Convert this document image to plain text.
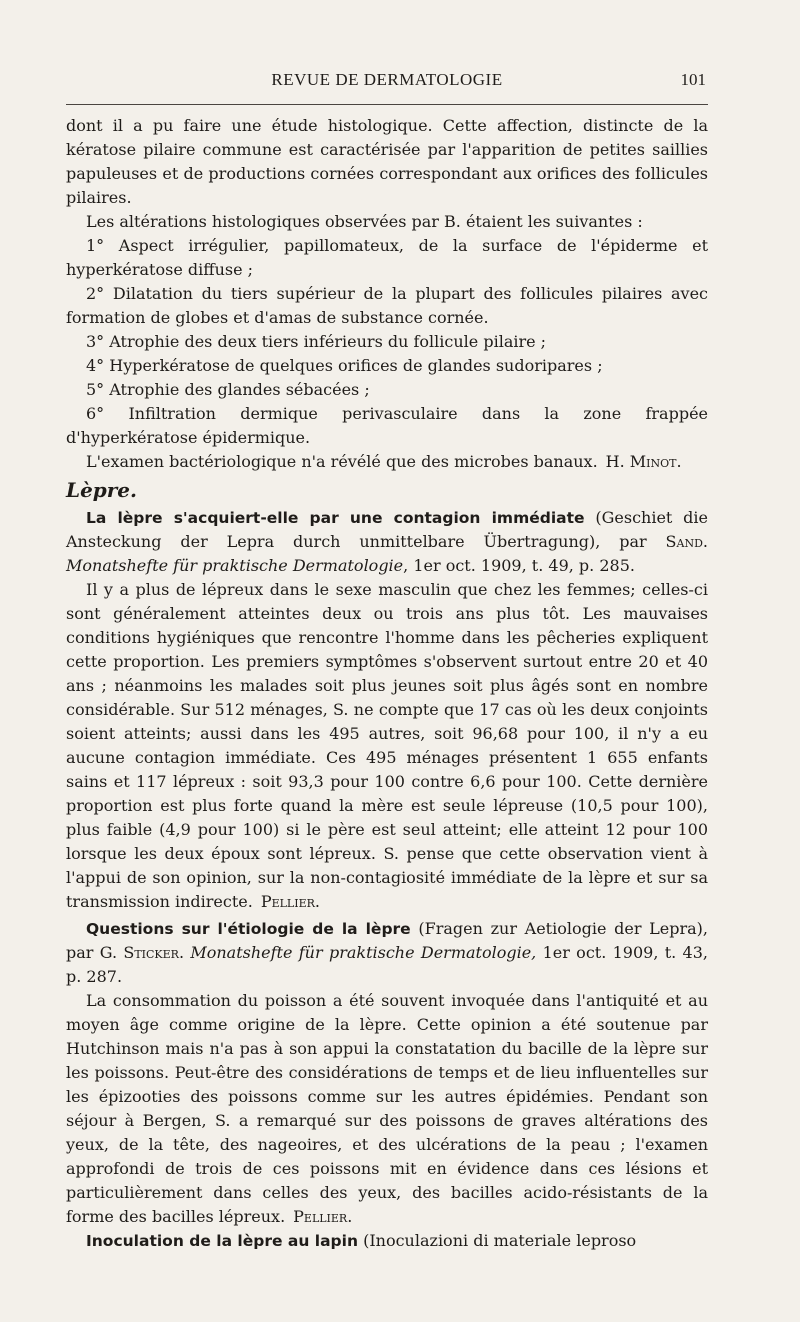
REVUE DE DERMATOLOGIE	101

dont il a pu faire une étude histologique. Cette affection, distincte de la kératose pilaire commune est caractérisée par l'apparition de petites saillies papuleuses et de productions cornées correspondant aux orifices des follicules pilaires.

Les altérations histologiques observées par B. étaient les suivantes :

1° Aspect irrégulier, papillomateux, de la surface de l'épiderme et hyperkératose diffuse ;

2° Dilatation du tiers supérieur de la plupart des follicules pilaires avec formation de globes et d'amas de substance cornée.

3° Atrophie des deux tiers inférieurs du follicule pilaire ;

4° Hyperkératose de quelques orifices de glandes sudoripares ;

5° Atrophie des glandes sébacées ;

6° Infiltration dermique perivasculaire dans la zone frappée d'hyperkératose épidermique.

L'examen bactériologique n'a révélé que des microbes banaux. H. Minot.

Lèpre.

La lèpre s'acquiert-elle par une contagion immédiate (Geschiet die Ansteckung der Lepra durch unmittelbare Übertragung), par Sand. Monatshefte für praktische Dermatologie, 1er oct. 1909, t. 49, p. 285.

Il y a plus de lépreux dans le sexe masculin que chez les femmes; celles-ci sont généralement atteintes deux ou trois ans plus tôt. Les mauvaises conditions hygiéniques que rencontre l'homme dans les pêcheries expliquent cette proportion. Les premiers symptômes s'observent surtout entre 20 et 40 ans ; néanmoins les malades soit plus jeunes soit plus âgés sont en nombre considérable. Sur 512 ménages, S. ne compte que 17 cas où les deux conjoints soient atteints; aussi dans les 495 autres, soit 96,68 pour 100, il n'y a eu aucune contagion immédiate. Ces 495 ménages présentent 1 655 enfants sains et 117 lépreux : soit 93,3 pour 100 contre 6,6 pour 100. Cette dernière proportion est plus forte quand la mère est seule lépreuse (10,5 pour 100), plus faible (4,9 pour 100) si le père est seul atteint; elle atteint 12 pour 100 lorsque les deux époux sont lépreux. S. pense que cette observation vient à l'appui de son opinion, sur la non-contagiosité immédiate de la lèpre et sur sa transmission indirecte. Pellier.

Questions sur l'étiologie de la lèpre (Fragen zur Aetiologie der Lepra), par G. Sticker. Monatshefte für praktische Dermatologie, 1er oct. 1909, t. 43, p. 287.

La consommation du poisson a été souvent invoquée dans l'antiquité et au moyen âge comme origine de la lèpre. Cette opinion a été soutenue par Hutchinson mais n'a pas à son appui la constatation du bacille de la lèpre sur les poissons. Peut-être des considérations de temps et de lieu influentelles sur les épizooties des poissons comme sur les autres épidémies. Pendant son séjour à Bergen, S. a remarqué sur des poissons de graves altérations des yeux, de la tête, des nageoires, et des ulcérations de la peau ; l'examen approfondi de trois de ces poissons mit en évidence dans ces lésions et particulièrement dans celles des yeux, des bacilles acido-résistants de la forme des bacilles lépreux. Pellier.

Inoculation de la lèpre au lapin (Inoculazioni di materiale leproso
